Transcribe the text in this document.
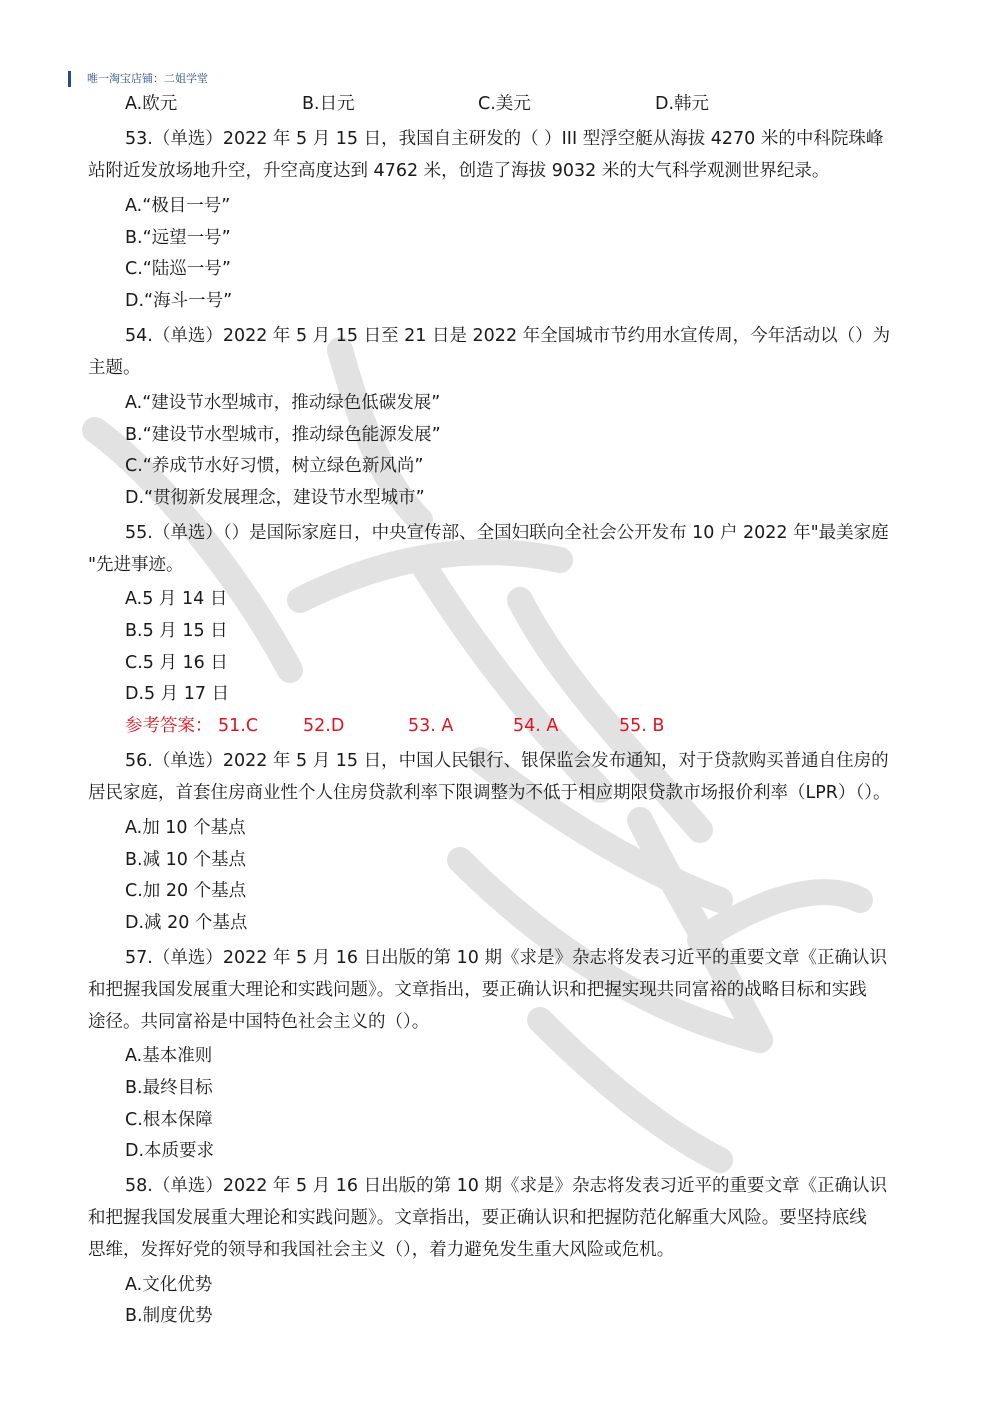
唯一淘宝店铺：二姐学堂
A.欧元	B.日元	C.美元	D.韩元
53.（单选）2022 年 5 月 15 日，我国自主研发的（ ）III 型浮空艇从海拔 4270 米的中科院珠峰
站附近发放场地升空，升空高度达到 4762 米，创造了海拔 9032 米的大气科学观测世界纪录。
A.“极目一号”
B.“远望一号”
C.“陆巡一号”
D.“海斗一号”
54.（单选）2022 年 5 月 15 日至 21 日是 2022 年全国城市节约用水宣传周，今年活动以（）为
主题。
A.“建设节水型城市，推动绿色低碳发展”
B.“建设节水型城市，推动绿色能源发展”
C.“养成节水好习惯，树立绿色新风尚”
D.“贯彻新发展理念，建设节水型城市”
55.（单选）（）是国际家庭日，中央宣传部、全国妇联向全社会公开发布 10 户 2022 年"最美家庭
"先进事迹。
A.5 月 14 日
B.5 月 15 日
C.5 月 16 日
D.5 月 17 日
参考答案： 51.C	52.D	53. A	54. A	55. B
56.（单选）2022 年 5 月 15 日，中国人民银行、银保监会发布通知，对于贷款购买普通自住房的
居民家庭，首套住房商业性个人住房贷款利率下限调整为不低于相应期限贷款市场报价利率（LPR）（）。
A.加 10 个基点
B.减 10 个基点
C.加 20 个基点
D.减 20 个基点
57.（单选）2022 年 5 月 16 日出版的第 10 期《求是》杂志将发表习近平的重要文章《正确认识
和把握我国发展重大理论和实践问题》。文章指出，要正确认识和把握实现共同富裕的战略目标和实践
途径。共同富裕是中国特色社会主义的（）。
A.基本准则
B.最终目标
C.根本保障
D.本质要求
58.（单选）2022 年 5 月 16 日出版的第 10 期《求是》杂志将发表习近平的重要文章《正确认识
和把握我国发展重大理论和实践问题》。文章指出，要正确认识和把握防范化解重大风险。要坚持底线
思维，发挥好党的领导和我国社会主义（），着力避免发生重大风险或危机。
A.文化优势
B.制度优势
